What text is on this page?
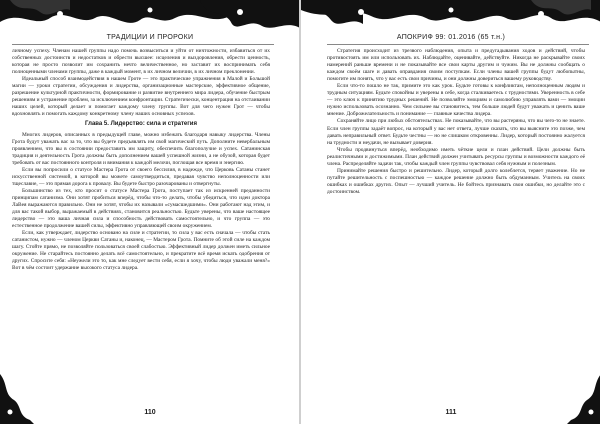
ТРАДИЦИИ И ПРОРОКИ

личному успеху. Членам нашей группы надо помочь возвыситься и уйти от ничтожности, избавиться от их собственных достоинств и недостатков и обрести высшее: исцеления и выздоровления, обрести ценность, которая не просто позволит им сохранить нечто величественное, но заставит их воспринимать себя полноценными членами группы, даже в каждый момент, в их личном величии, в их личном преклонении.

Идеальный способ взаимодействия в нашем Гроте — это практические упражнения в Малой и Большой магии — уроки стратегии, обсуждения и лидерства, организационные мастерские, эффективное общение, разрешение культурной практичности, формирование и развитие внутреннего мира лидера, обучение быстрым решениям и устранение проблем, за исключением конфронтации. Стратегически, концентрация на отстаивании наших целей, который делает и помогает каждому члену группы. Вот для чего нужен Грот — чтобы вдохновлять и помогать каждому конкретному члену наших основных успехов.

Глава 5. Лидерство: сила и стратегия

Многих лидеров, описанных в предыдущей главе, можно избежать благодаря навыку лидерства. Члены Грота будут уважать вас за то, что вы будете предъявлять им свой магический путь. Дополните невербальным проявлением, что вы в состоянии предоставить им защиту, обеспечить благополучие и успех. Сатанинская традиция и деятельность Грота должны быть дополнением вашей успешной жизни, а не обузой, которая будет требовать от вас постоянного контроля и внимания к каждой мелочи, поглощая все время и энергию.

Если вы попросили о статусе Мастера Грота от своего бессилия, в надежде, что Церковь Сатаны станет искусственной системой, в которой вы можете самоутвердиться, предавая чувство неполноценности или тщеславие, — это прямая дорога к провалу. Вы будете быстро разочарованы и отвергнуты.

Большинство из тех, кто просит о статусе Мастера Грота, поступает так из искренней преданности принципам сатанизма. Они хотят пробиться вперёд, чтобы что-то делать, чтобы убедиться, что идеи доктора ЛаВея выражаются правильно. Они не хотят, чтобы их называли «сумасшедшими». Они работают над этим, и для вас такой выбор, выражаемый в действиях, становится реальностью. Будьте уверены, что ваше настоящее лидерство — это ваша личная сила и способность действовать самостоятельно, и что группа — это естественное продолжение вашей силы, эффективно управляющей своим окружением.

Если, как утверждает, лидерство основано на силе и стратегии, то сила у вас есть сначала — чтобы стать сатанистом, нужно — членом Церкви Сатаны и, наконец, — Мастером Грота. Помните об этой силе на каждом шагу. Стойте прямо, не позволяйте пользоваться своей слабостью. Эффективный лидер должен иметь сильное окружение. Не старайтесь постоянно делать всё самостоятельно, и прекратите всё время искать одобрения от других. Спросите себя: «Неужели это то, как мне следует вести себя, если я хочу, чтобы люди уважали меня?» Вот в чём состоит удержание высокого статуса лидера.

110
АПОКРИФ 99: 01.2016 (65 т.н.)

Стратегия происходит из трезвого наблюдения, опыта и предугадывания ходов и действий, чтобы противостоять им или использовать их. Наблюдайте, оценивайте, действуйте. Никогда не раскрывайте своих намерений раньше времени и не показывайте все свои карты другим и чужим. Вы не должны сообщать о каждом своём шаге и давать оправдания своим поступкам. Если члены вашей группы будут любопытны, помогите им понять, что у вас есть свои причины, и они должны довериться вашему руководству.

Если что-то пошло не так, примите это как урок. Будьте готовы к конфликтам, неполноценным людям и трудным ситуациям. Будьте спокойны и уверены в себе, когда сталкиваетесь с трудностями. Уверенность в себе — это ключ к принятию трудных решений. Не позволяйте эмоциям и самолюбию управлять вами — эмоции нужно использовать осознанно. Чем сильнее вы становитесь, тем больше людей будут уважать и ценить ваше мнение. Доброжелательность и понимание — главные качества лидера.

Сохраняйте лицо при любых обстоятельствах. Не показывайте, что вы растеряны, что вы чего-то не знаете. Если член группы задаёт вопрос, на который у вас нет ответа, лучше сказать, что вы выясните это позже, чем давать неправильный ответ. Будьте честны — но не слишком откровенны. Лидер, который постоянно жалуется на трудности и неудачи, не вызывает доверия.

Чтобы продвинуться вперёд, необходимо иметь чёткие цели и план действий. Цели должны быть реалистичными и достижимыми. План действий должен учитывать ресурсы группы и возможности каждого её члена. Распределяйте задачи так, чтобы каждый член группы чувствовал себя нужным и полезным.

Принимайте решения быстро и решительно. Лидер, который долго колеблется, теряет уважение. Но не путайте решительность с поспешностью — каждое решение должно быть обдуманным. Учитесь на своих ошибках и ошибках других. Опыт — лучший учитель. Не бойтесь признавать свои ошибки, но делайте это с достоинством.

111
